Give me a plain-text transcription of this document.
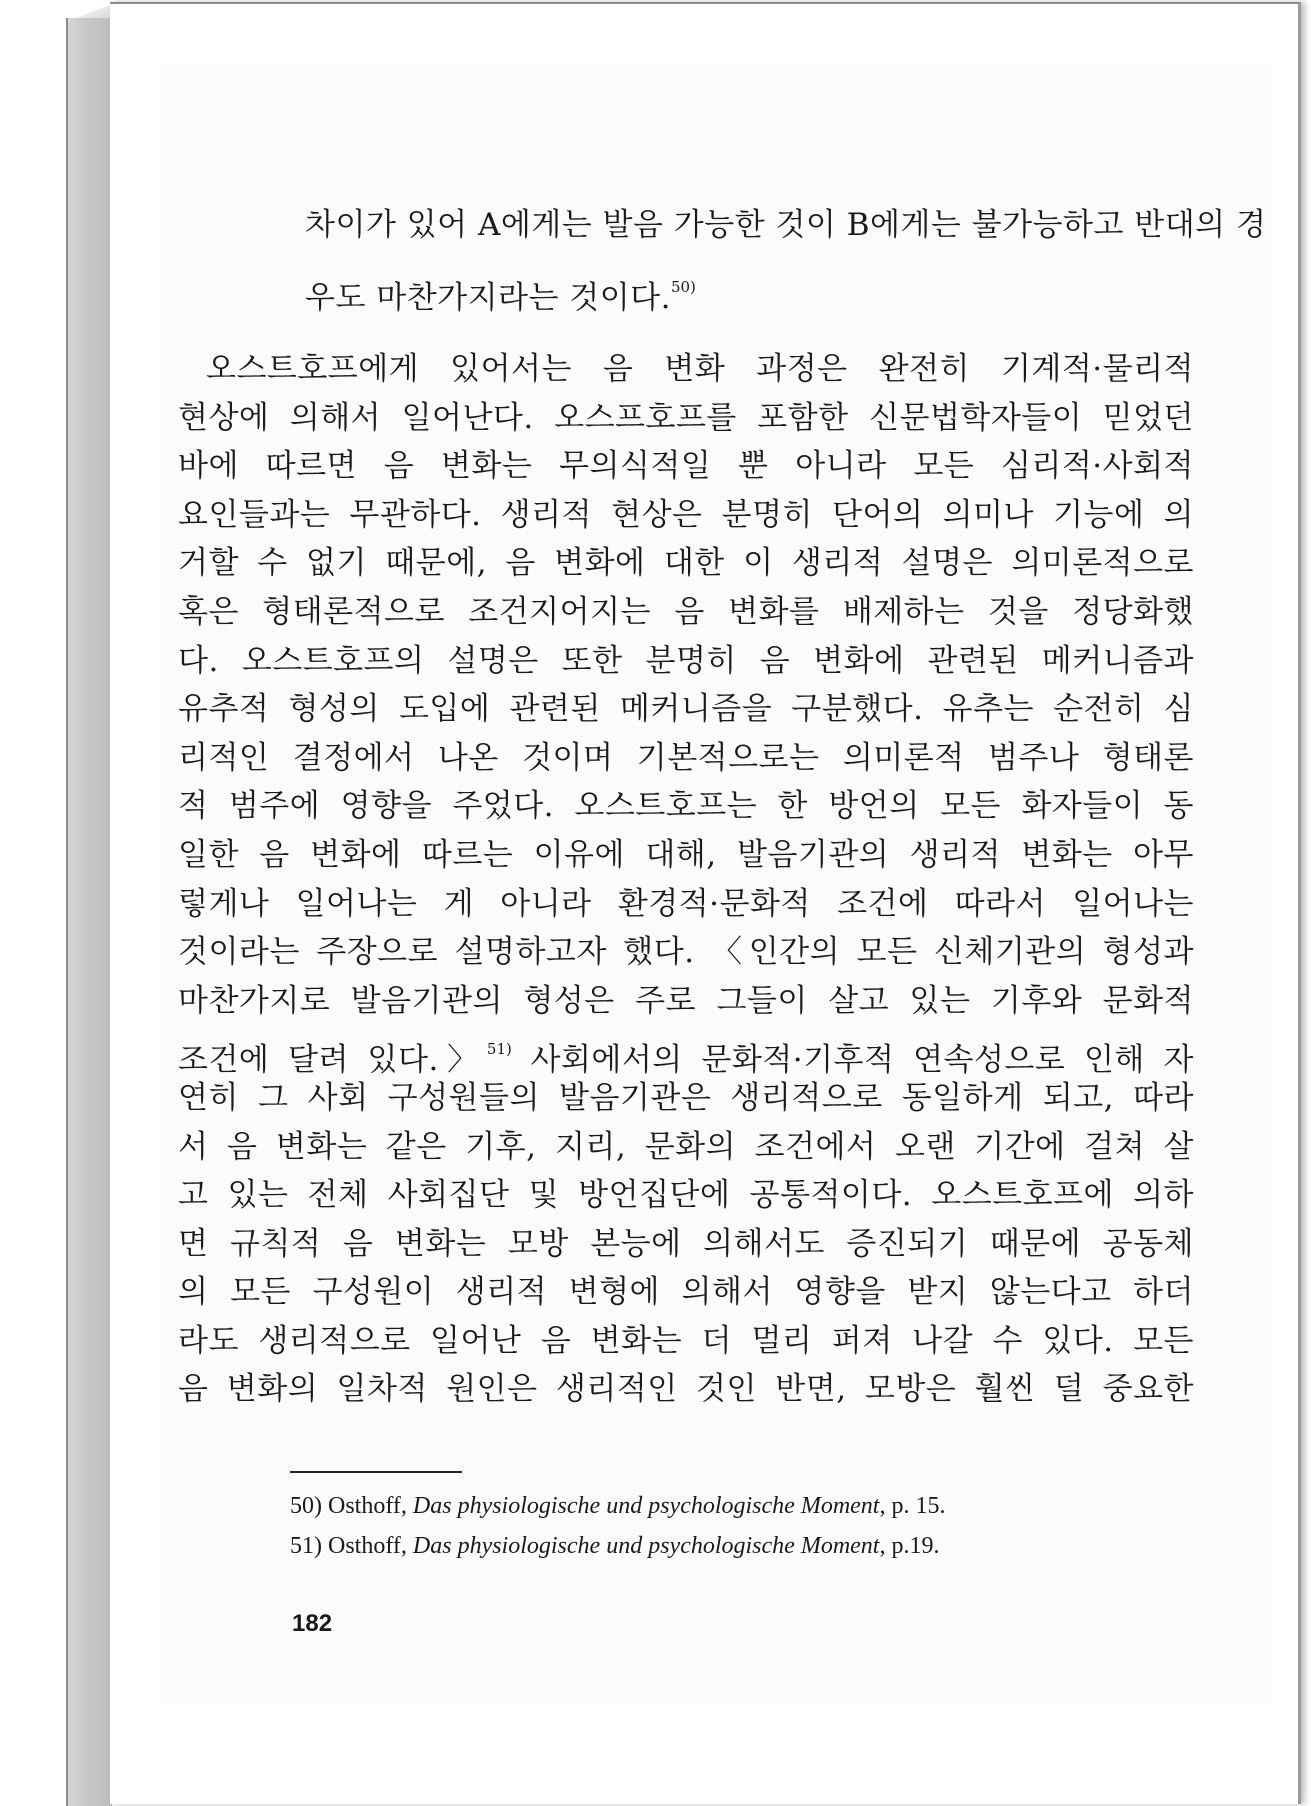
차이가 있어 A에게는 발음 가능한 것이 B에게는 불가능하고 반대의 경
우도 마찬가지라는 것이다.$^{50)}$
오스트호프에게 있어서는 음 변화 과정은 완전히 기계적·물리적
현상에 의해서 일어난다. 오스프호프를 포함한 신문법학자들이 믿었던
바에 따르면 음 변화는 무의식적일 뿐 아니라 모든 심리적·사회적
요인들과는 무관하다. 생리적 현상은 분명히 단어의 의미나 기능에 의
거할 수 없기 때문에, 음 변화에 대한 이 생리적 설명은 의미론적으로
혹은 형태론적으로 조건지어지는 음 변화를 배제하는 것을 정당화했
다. 오스트호프의 설명은 또한 분명히 음 변화에 관련된 메커니즘과
유추적 형성의 도입에 관련된 메커니즘을 구분했다. 유추는 순전히 심
리적인 결정에서 나온 것이며 기본적으로는 의미론적 범주나 형태론
적 범주에 영향을 주었다. 오스트호프는 한 방언의 모든 화자들이 동
일한 음 변화에 따르는 이유에 대해, 발음기관의 생리적 변화는 아무
렇게나 일어나는 게 아니라 환경적·문화적 조건에 따라서 일어나는
것이라는 주장으로 설명하고자 했다. 〈인간의 모든 신체기관의 형성과
마찬가지로 발음기관의 형성은 주로 그들이 살고 있는 기후와 문화적
조건에 달려 있다.〉$^{51)}$ 사회에서의 문화적·기후적 연속성으로 인해 자
연히 그 사회 구성원들의 발음기관은 생리적으로 동일하게 되고, 따라
서 음 변화는 같은 기후, 지리, 문화의 조건에서 오랜 기간에 걸쳐 살
고 있는 전체 사회집단 및 방언집단에 공통적이다. 오스트호프에 의하
면 규칙적 음 변화는 모방 본능에 의해서도 증진되기 때문에 공동체
의 모든 구성원이 생리적 변형에 의해서 영향을 받지 않는다고 하더
라도 생리적으로 일어난 음 변화는 더 멀리 퍼져 나갈 수 있다. 모든
음 변화의 일차적 원인은 생리적인 것인 반면, 모방은 훨씬 덜 중요한
50) Osthoff, Das physiologische und psychologische Moment, p. 15.
51) Osthoff, Das physiologische und psychologische Moment, p.19.
182
